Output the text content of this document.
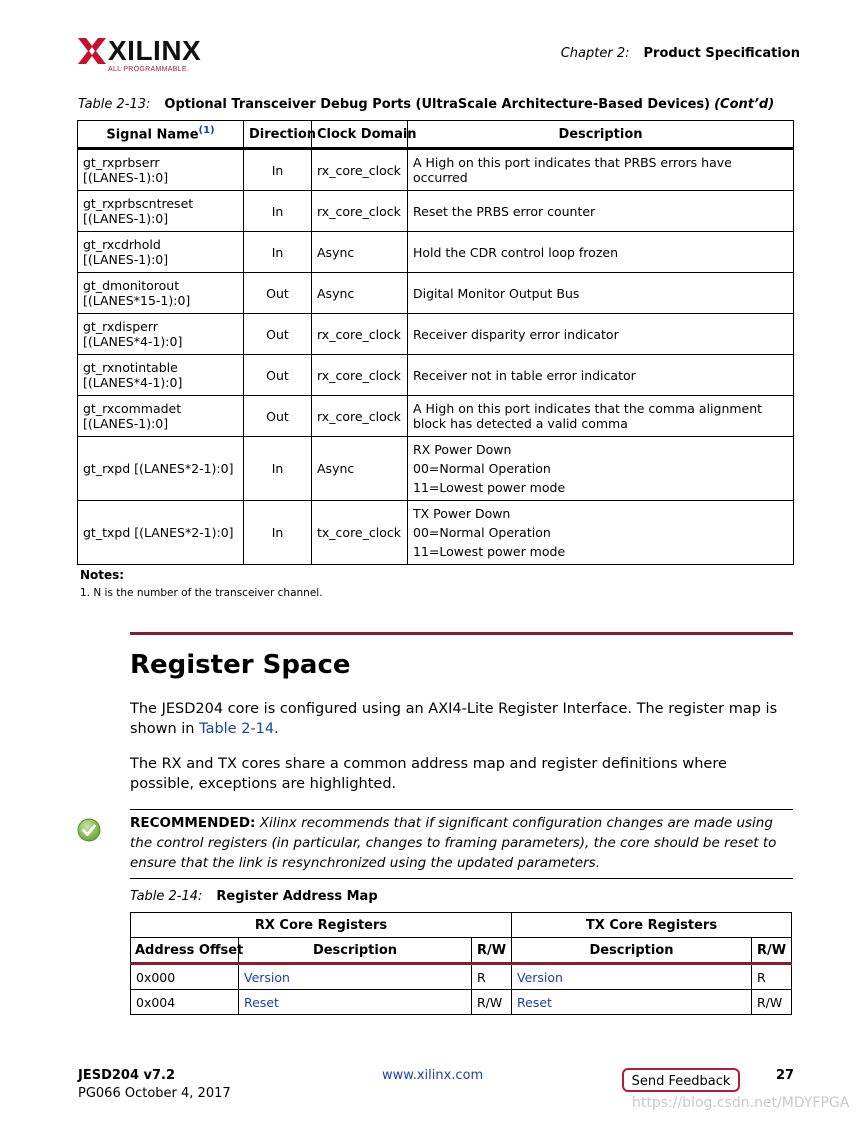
XILINX
ALL PROGRAMMABLE.
Chapter 2: Product Specification
Table 2-13: Optional Transceiver Debug Ports (UltraScale Architecture-Based Devices) (Cont’d)
Signal Name$^{(1)}$	Direction	Clock Domain	Description

gt_rxprbserr
[(LANES-1):0]	In	rx_core_clock	A High on this port indicates that PRBS errors have occurred

gt_rxprbscntreset
[(LANES-1):0]	In	rx_core_clock	Reset the PRBS error counter

gt_rxcdrhold
[(LANES-1):0]	In	Async	Hold the CDR control loop frozen

gt_dmonitorout
[(LANES*15-1):0]	Out	Async	Digital Monitor Output Bus

gt_rxdisperr
[(LANES*4-1):0]	Out	rx_core_clock	Receiver disparity error indicator

gt_rxnotintable
[(LANES*4-1):0]	Out	rx_core_clock	Receiver not in table error indicator

gt_rxcommadet
[(LANES-1):0]	Out	rx_core_clock	A High on this port indicates that the comma alignment block has detected a valid comma
gt_rxpd [(LANES*2-1):0]	In	Async	RX Power Down
00=Normal Operation
11=Lowest power mode

gt_txpd [(LANES*2-1):0]	In	tx_core_clock	TX Power Down
00=Normal Operation
11=Lowest power mode
Notes:
1. N is the number of the transceiver channel.
Register Space
The JESD204 core is configured using an AXI4-Lite Register Interface. The register map is shown in Table 2-14.
The RX and TX cores share a common address map and register definitions where possible, exceptions are highlighted.
RECOMMENDED: Xilinx recommends that if significant configuration changes are made using the control registers (in particular, changes to framing parameters), the core should be reset to ensure that the link is resynchronized using the updated parameters.
Table 2-14: Register Address Map
RX Core Registers			TX Core Registers	
Address Offset	Description	R/W	Description	R/W
0x000	Version	R	Version	R
0x004	Reset	R/W	Reset	R/W
JESD204 v7.2
PG066 October 4, 2017
www.xilinx.com	Send Feedback	27
https://blog.csdn.net/MDYFPGA
